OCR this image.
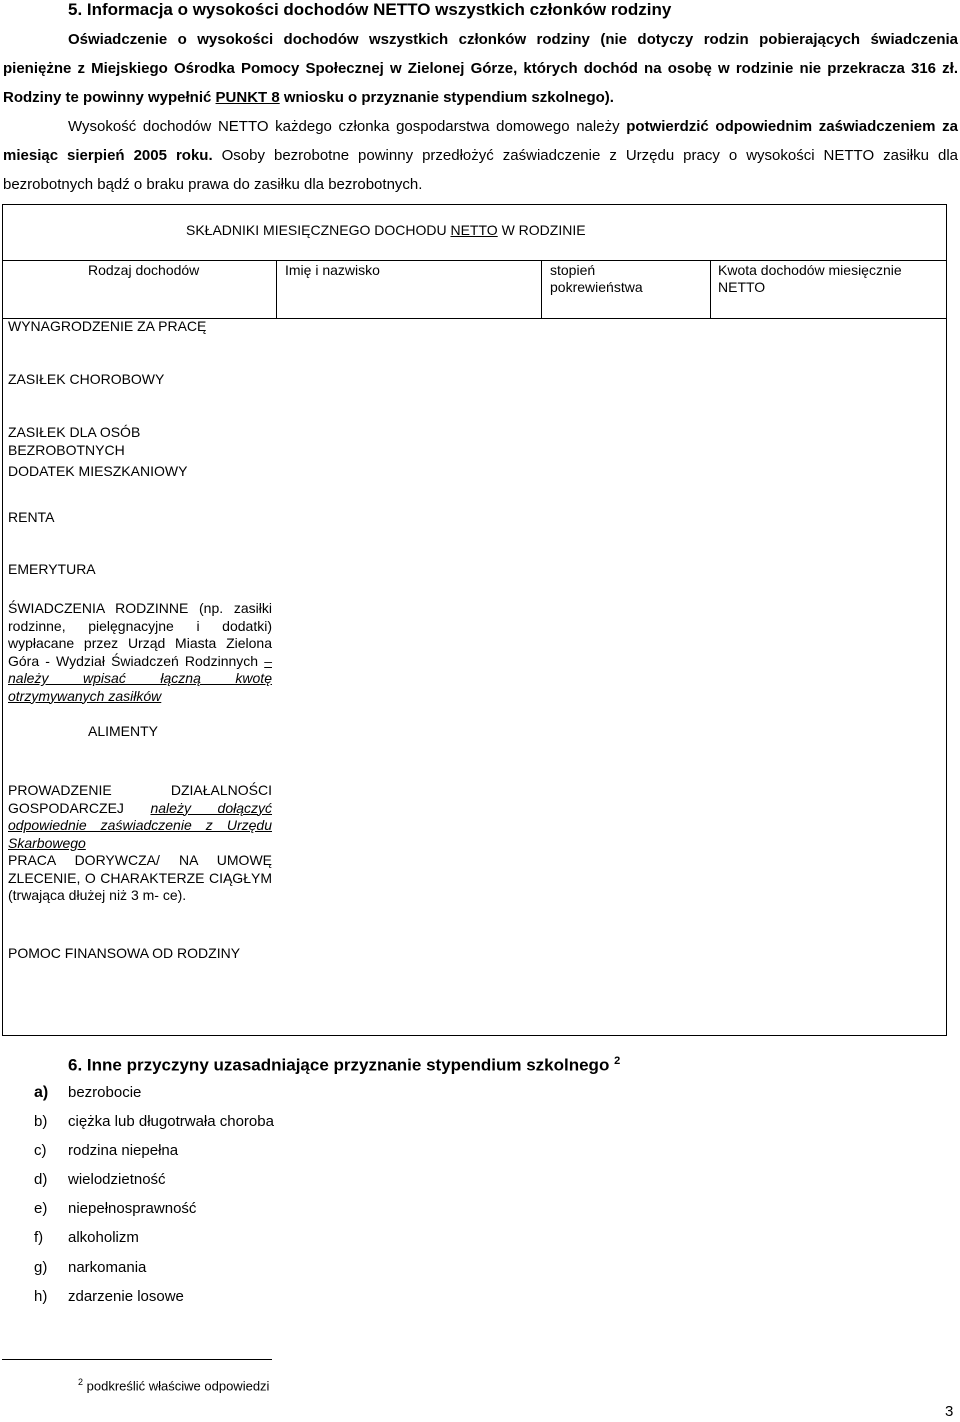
5. Informacja o wysokości dochodów NETTO wszystkich członków rodziny

Oświadczenie o wysokości dochodów wszystkich członków rodziny (nie dotyczy rodzin pobierających świadczenia pieniężne z Miejskiego Ośrodka Pomocy Społecznej w Zielonej Górze, których dochód na osobę w rodzinie nie przekracza 316 zł. Rodziny te powinny wypełnić PUNKT 8 wniosku o przyznanie stypendium szkolnego).

Wysokość dochodów NETTO każdego członka gospodarstwa domowego należy potwierdzić odpowiednim zaświadczeniem za miesiąc sierpień 2005 roku. Osoby bezrobotne powinny przedłożyć zaświadczenie z Urzędu pracy o wysokości NETTO zasiłku dla bezrobotnych bądź o braku prawa do zasiłku dla bezrobotnych.

SKŁADNIKI MIESIĘCZNEGO DOCHODU NETTO W RODZINIE
Rodzaj dochodów	Imię i nazwisko	stopień pokrewieństwa
Kwota dochodów miesięcznie NETTO
WYNAGRODZENIE ZA PRACĘ
ZASIŁEK CHOROBOWY
ZASIŁEK DLA OSÓB BEZROBOTNYCH
DODATEK MIESZKANIOWY
RENTA
EMERYTURA
ŚWIADCZENIA RODZINNE (np. zasiłki rodzinne, pielęgnacyjne i dodatki) wypłacane przez Urząd Miasta Zielona Góra - Wydział Świadczeń Rodzinnych – należy wpisać łączną kwotę otrzymywanych zasiłków
ALIMENTY
PROWADZENIE DZIAŁALNOŚCI GOSPODARCZEJ należy dołączyć odpowiednie zaświadczenie z Urzędu Skarbowego
PRACA DORYWCZA/ NA UMOWĘ ZLECENIE, O CHARAKTERZE CIĄGŁYM (trwająca dłużej niż 3 m- ce).
POMOC FINANSOWA OD RODZINY
6. Inne przyczyny uzasadniające przyznanie stypendium szkolnego $^2$
a) bezrobocie
b) ciężka lub długotrwała choroba
c) rodzina niepełna
d) wielodzietność
e) niepełnosprawność
f) alkoholizm
g) narkomania
h) zdarzenie losowe
$^2$ podkreślić właściwe odpowiedzi
3
